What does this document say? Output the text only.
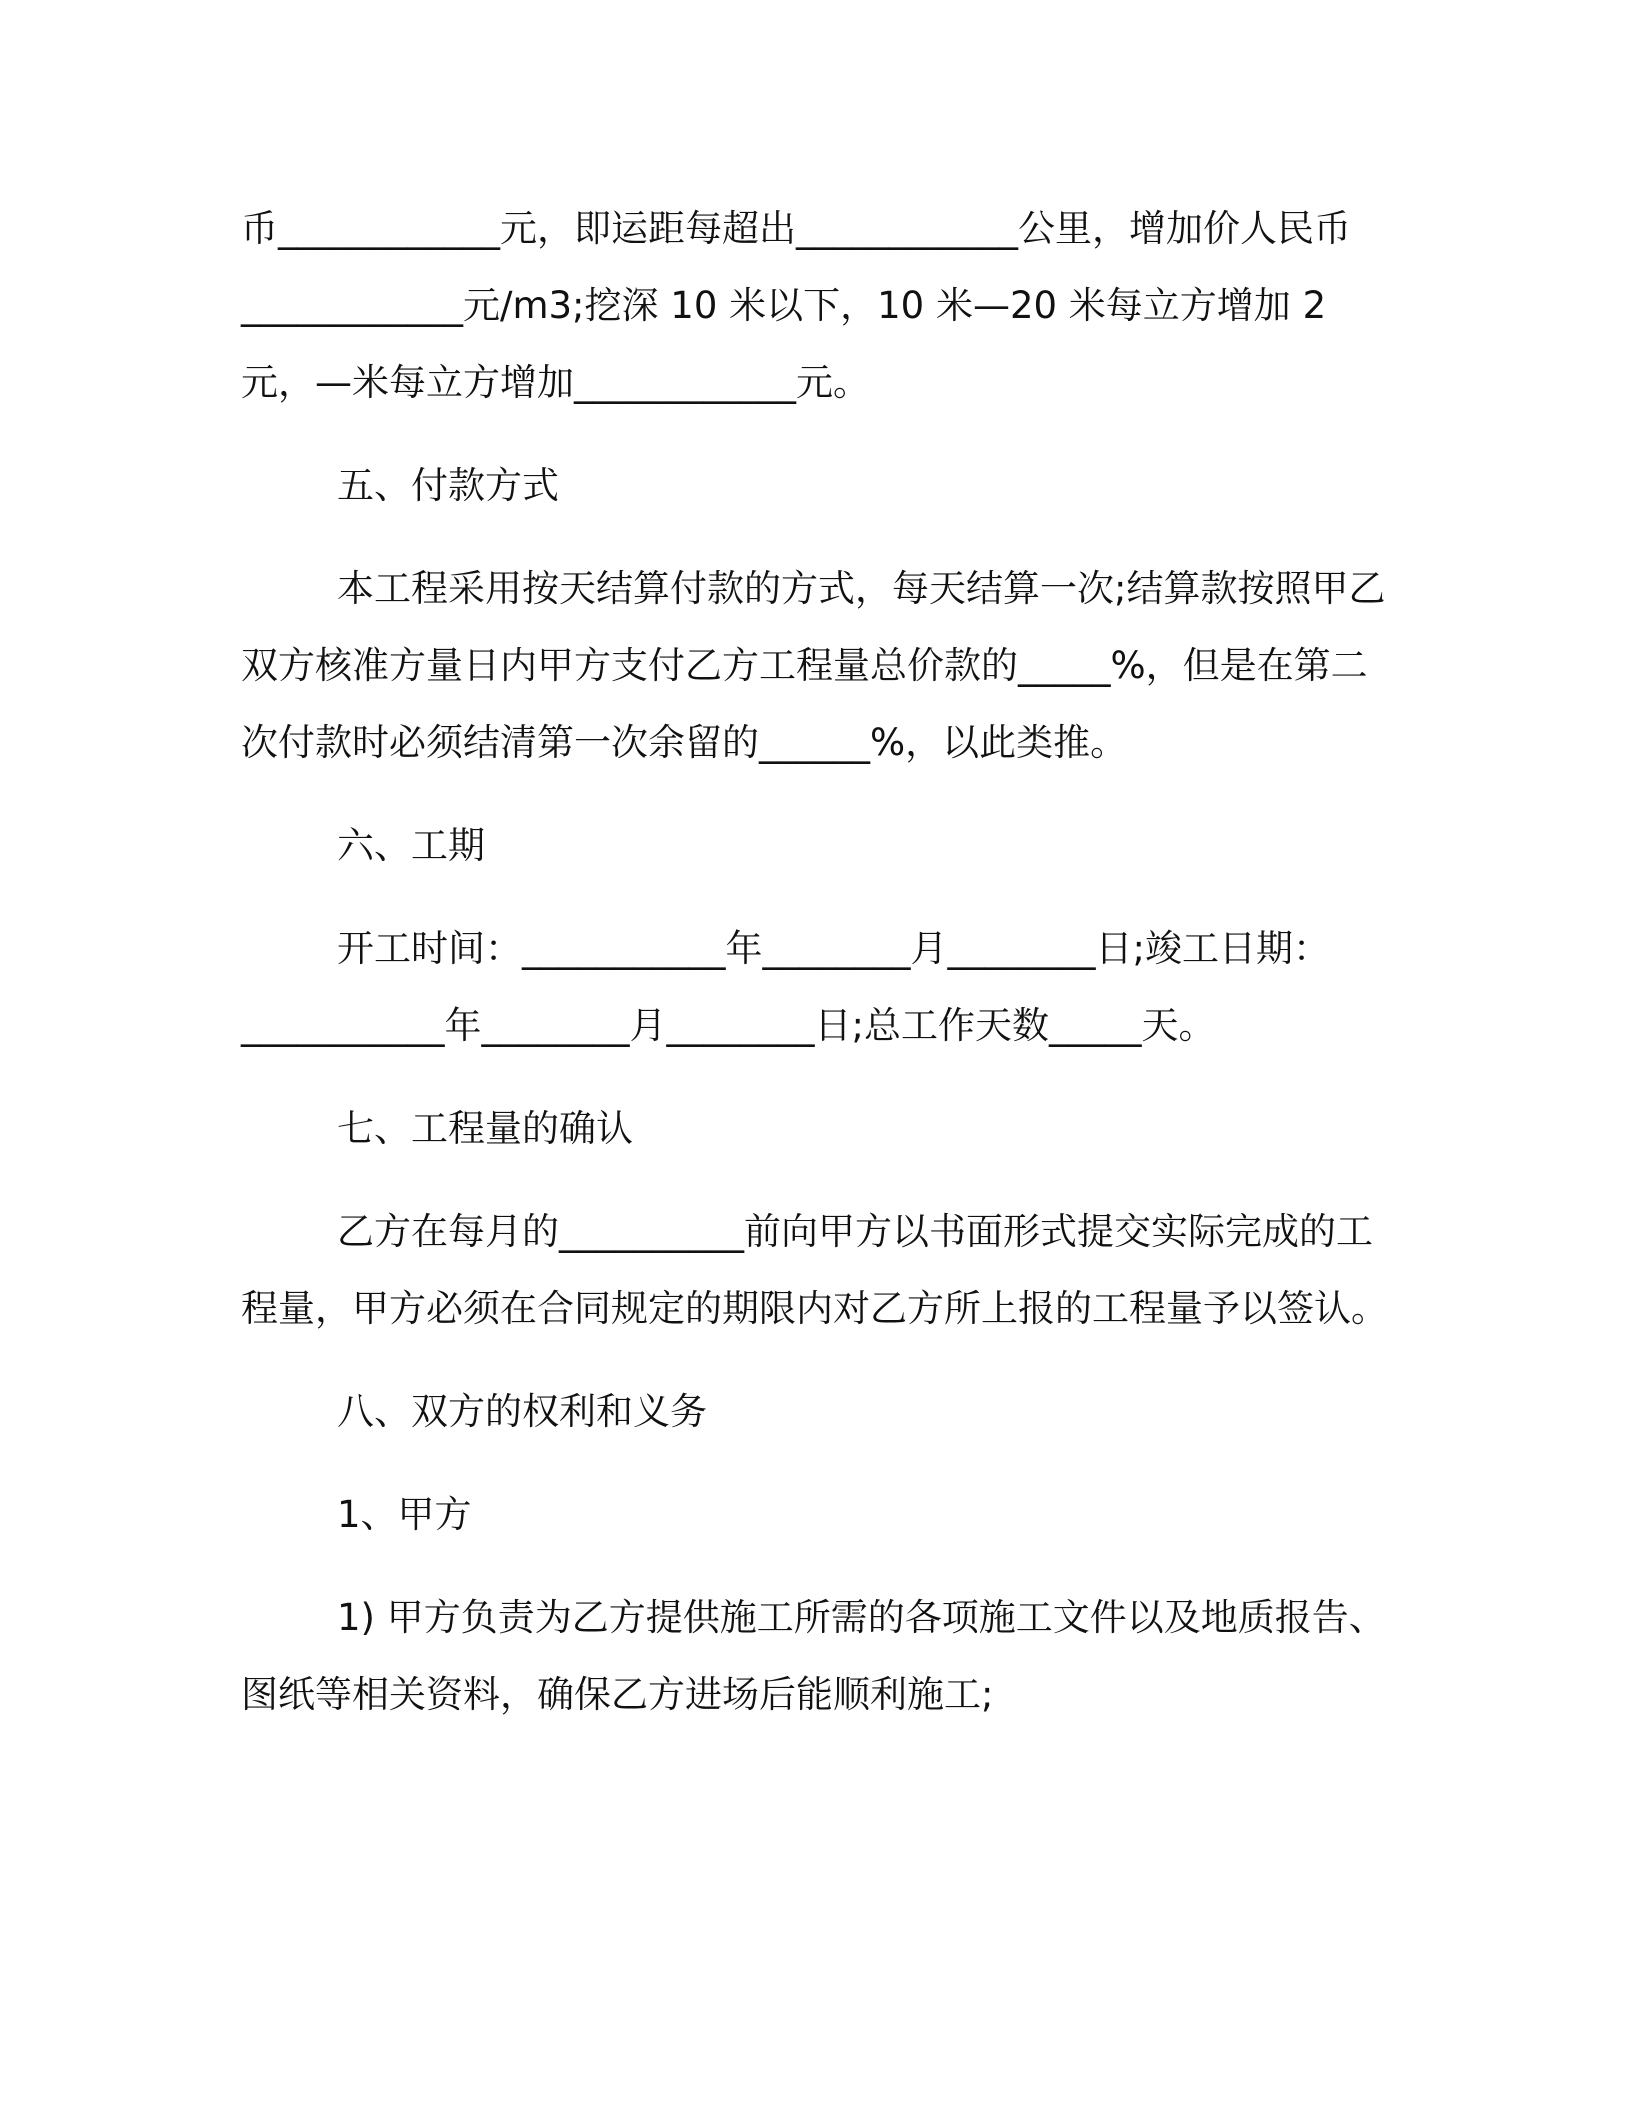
币____________元，即运距每超出____________公里，增加价人民币____________元/m3;挖深 10 米以下，10 米—20 米每立方增加 2元，—米每立方增加____________元。

五、付款方式

本工程采用按天结算付款的方式，每天结算一次;结算款按照甲乙双方核准方量日内甲方支付乙方工程量总价款的_____%，但是在第二次付款时必须结清第一次余留的______%，以此类推。

六、工期

开工时间：___________年________月________日;竣工日期：___________年________月________日;总工作天数_____天。

七、工程量的确认

乙方在每月的__________前向甲方以书面形式提交实际完成的工程量，甲方必须在合同规定的期限内对乙方所上报的工程量予以签认。

八、双方的权利和义务

1、甲方

1) 甲方负责为乙方提供施工所需的各项施工文件以及地质报告、图纸等相关资料，确保乙方进场后能顺利施工;
